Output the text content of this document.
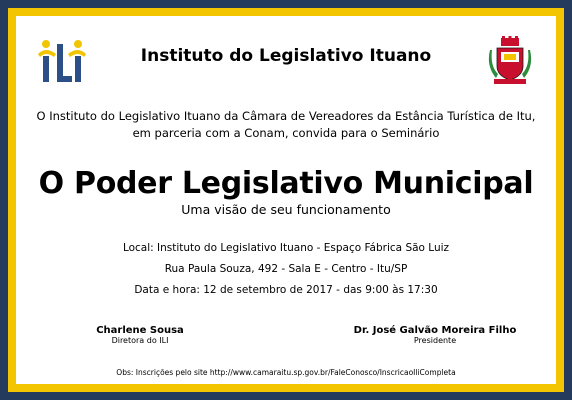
Instituto do Legislativo Ituano
O Instituto do Legislativo Ituano da Câmara de Vereadores da Estância Turística de Itu, em parceria com a Conam, convida para o Seminário
O Poder Legislativo Municipal
Uma visão de seu funcionamento
Local: Instituto do Legislativo Ituano - Espaço Fábrica São Luiz
Rua Paula Souza, 492 - Sala E - Centro - Itu/SP
Data e hora: 12 de setembro de 2017 - das 9:00 às 17:30
Charlene Sousa
Diretora do ILI
Dr. José Galvão Moreira Filho
Presidente
Obs: Inscrições pelo site http://www.camaraitu.sp.gov.br/FaleConosco/InscricaoIliCompleta
